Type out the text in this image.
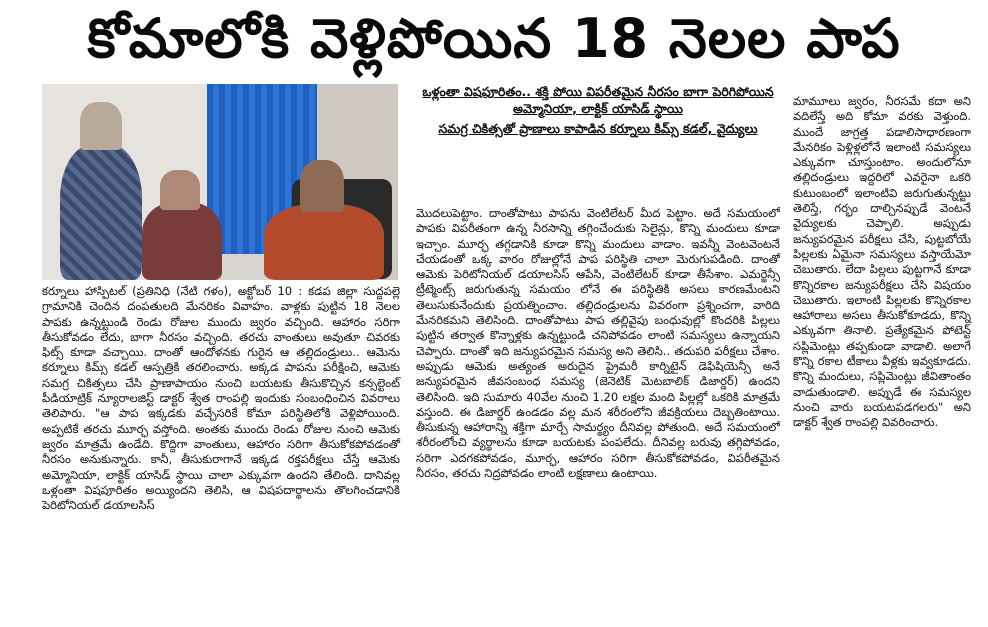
కోమాలోకి వెళ్లిపోయిన 18 నెలల పాప
ఒళ్లంతా విషపూరితం.. శక్తి పోయి విపరీతమైన నీరసం బాగా పెరిగిపోయిన అమ్మోనియా, లాక్టిక్ యాసిడ్ స్థాయి
సమగ్ర చికిత్సతో ప్రాణాలు కాపాడిన కర్నూలు కిమ్స్ కడల్, వైద్యులు

కర్నూలు హాస్పిటల్ (ప్రతినిధి (నేటి గళం), అక్టోబర్ 10 : కడప జిల్లా సుద్దపల్లె గ్రామానికి చెందిన దంపతులది మేనరికం వివాహం. వాళ్లకు పుట్టిన 18 నెలల పాపకు ఉన్నట్టుండి రెండు రోజుల ముందు జ్వరం వచ్చింది. ఆహారం సరిగా తీసుకోవడం లేదు, బాగా నీరసం వచ్చింది. తరచు వాంతులు అవుతూ చివరకు ఫిట్స్ కూడా వచ్చాయి. దాంతో ఆందోళనకు గురైన ఆ తల్లిదండ్రులు.. ఆమెను కర్నూలు కిమ్స్ కడల్ ఆస్పత్రికి తరలించారు. అక్కడ పాపను పరీక్షించి, ఆమెకు సమగ్ర చికిత్సలు చేసి ప్రాణాపాయం నుంచి బయటకు తీసుకొచ్చిన కన్సల్టెంట్ పీడియాట్రిక్ న్యూరాలజిస్ట్ డాక్టర్ శ్వేత రాంపల్లి ఇందుకు సంబంధించిన వివరాలు తెలిపారు. "ఆ పాప ఇక్కడకు వచ్చేసరికే కోమా పరిస్థితిలోకి వెళ్లిపోయింది. అప్పటికే తరచు మూర్ఛ వస్తోంది. అంతకు ముందు రెండు రోజుల నుంచి ఆమెకు జ్వరం మాత్రమే ఉండేది. కొద్దిగా వాంతులు, ఆహారం సరిగా తీసుకోకపోవడంతో నీరసం అనుకున్నారు. కానీ, తీసుకురాగానే ఇక్కడ రక్తపరీక్షలు చేస్తే ఆమెకు అమ్మోనియా, లాక్టిక్ యాసిడ్ స్థాయి చాలా ఎక్కువగా ఉందని తేలింది. దానివల్ల ఒళ్లంతా విషపూరితం అయ్యిందని తెలిసి, ఆ విషపదార్థాలను తొలగించడానికి పెరిటోనియల్ డయాలసిస్

మొదలుపెట్టాం. దాంతోపాటు పాపను వెంటిలేటర్ మీద పెట్టాం. అదే సమయంలో పాపకు విపరీతంగా ఉన్న నీరసాన్ని తగ్గించేందుకు సెలైన్లు, కొన్ని మందులు కూడా ఇచ్చాం. మూర్ఛ తగ్గడానికి కూడా కొన్ని మందులు వాడాం. ఇవన్నీ వెంటవెంటనే చేయడంతో ఒక్క వారం రోజుల్లోనే పాప పరిస్థితి చాలా మెరుగుపడింది. దాంతో ఆమెకు పెరిటోనియల్ డయాలసిస్ ఆపేసి, వెంటిలేటర్ కూడా తీసేశాం. ఎమర్జెన్సీ ట్రీట్మెంట్స్ జరుగుతున్న సమయం లోనే ఈ పరిస్థితికి అసలు కారణమేంటని తెలుసుకునేందుకు ప్రయత్నించాం. తల్లిదండ్రులను వివరంగా ప్రశ్నించగా, వారిది మేనరికమని తెలిసింది. దాంతోపాటు పాప తల్లివైపు బంధువుల్లో కొందరికి పిల్లలు పుట్టిన తర్వాత కొన్నాళ్లకు ఉన్నట్టుండి చనిపోవడం లాంటి సమస్యలు ఉన్నాయని చెప్పారు. దాంతో ఇది జన్యుపరమైన సమస్య అని తెలిసి.. తదుపరి పరీక్షలు చేశాం. అప్పుడు ఆమెకు అత్యంత అరుదైన ప్రైమరీ కార్నిటైన్ డెఫిషియెన్సీ అనే జన్యుపరమైన జీవసంబంధ సమస్య (జెనెటిక్ మెటబాలిక్ డిజార్డర్) ఉందని తెలిసింది. ఇది సుమారు 40వేల నుంచి 1.20 లక్షల మంది పిల్లల్లో ఒకరికి మాత్రమే వస్తుంది. ఈ డిజార్డర్ ఉండడం వల్ల మన శరీరంలోని జీవక్రియలు దెబ్బతింటాయి. తీసుకున్న ఆహారాన్ని శక్తిగా మార్చే సామర్థ్యం దీనివల్ల పోతుంది. అదే సమయంలో శరీరంలోంచి వ్యర్థాలను కూడా బయటకు పంపలేదు. దీనివల్ల బరువు తగ్గిపోవడం, సరిగా ఎదగకపోవడం, మూర్ఛ, ఆహారం సరిగా తీసుకోకపోవడం, విపరీతమైన నీరసం, తరచు నిద్రపోవడం లాంటి లక్షణాలు ఉంటాయి.

మామూలు జ్వరం, నీరసమే కదా అని వదిలేస్తే అది కోమా వరకు వెళ్తుంది. ముందే జాగ్రత్త పడాలిసాధారణంగా మేనరికం పెళ్లిళ్లలోనే ఇలాంటి సమస్యలు ఎక్కువగా చూస్తుంటాం. అందులోనూ తల్లిదండ్రులు ఇద్దరిలో ఎవరైనా ఒకరి కుటుంబంలో ఇలాంటివి జరుగుతున్నట్టు తెలిస్తే, గర్భం దాల్చినప్పుడే వెంటనే వైద్యులకు చెప్పాలి. అప్పుడు జన్యుపరమైన పరీక్షలు చేసి, పుట్టబోయే పిల్లలకు ఏమైనా సమస్యలు వస్తాయేమో చెబుతారు. లేదా పిల్లలు పుట్టగానే కూడా కొన్నిరకాల జన్యుపరీక్షలు చేసి విషయం చెబుతారు. ఇలాంటి పిల్లలకు కొన్నిరకాల ఆహారాలు అసలు తీసుకోకూడదు, కొన్ని ఎక్కువగా తినాలి. ప్రత్యేకమైన పోటెన్ట్ సప్లిమెంట్లు తప్పకుండా వాడాలి. అలాగే కొన్ని రకాల టీకాలు వీళ్లకు ఇవ్వకూడదు. కొన్ని మందులు, సప్లిమెంట్లు జీవితాంతం వాడుతుండాలి. అప్పుడే ఈ సమస్యల నుంచి వారు బయటపడగలరు" అని డాక్టర్ శ్వేత రాంపల్లి వివరించారు.
